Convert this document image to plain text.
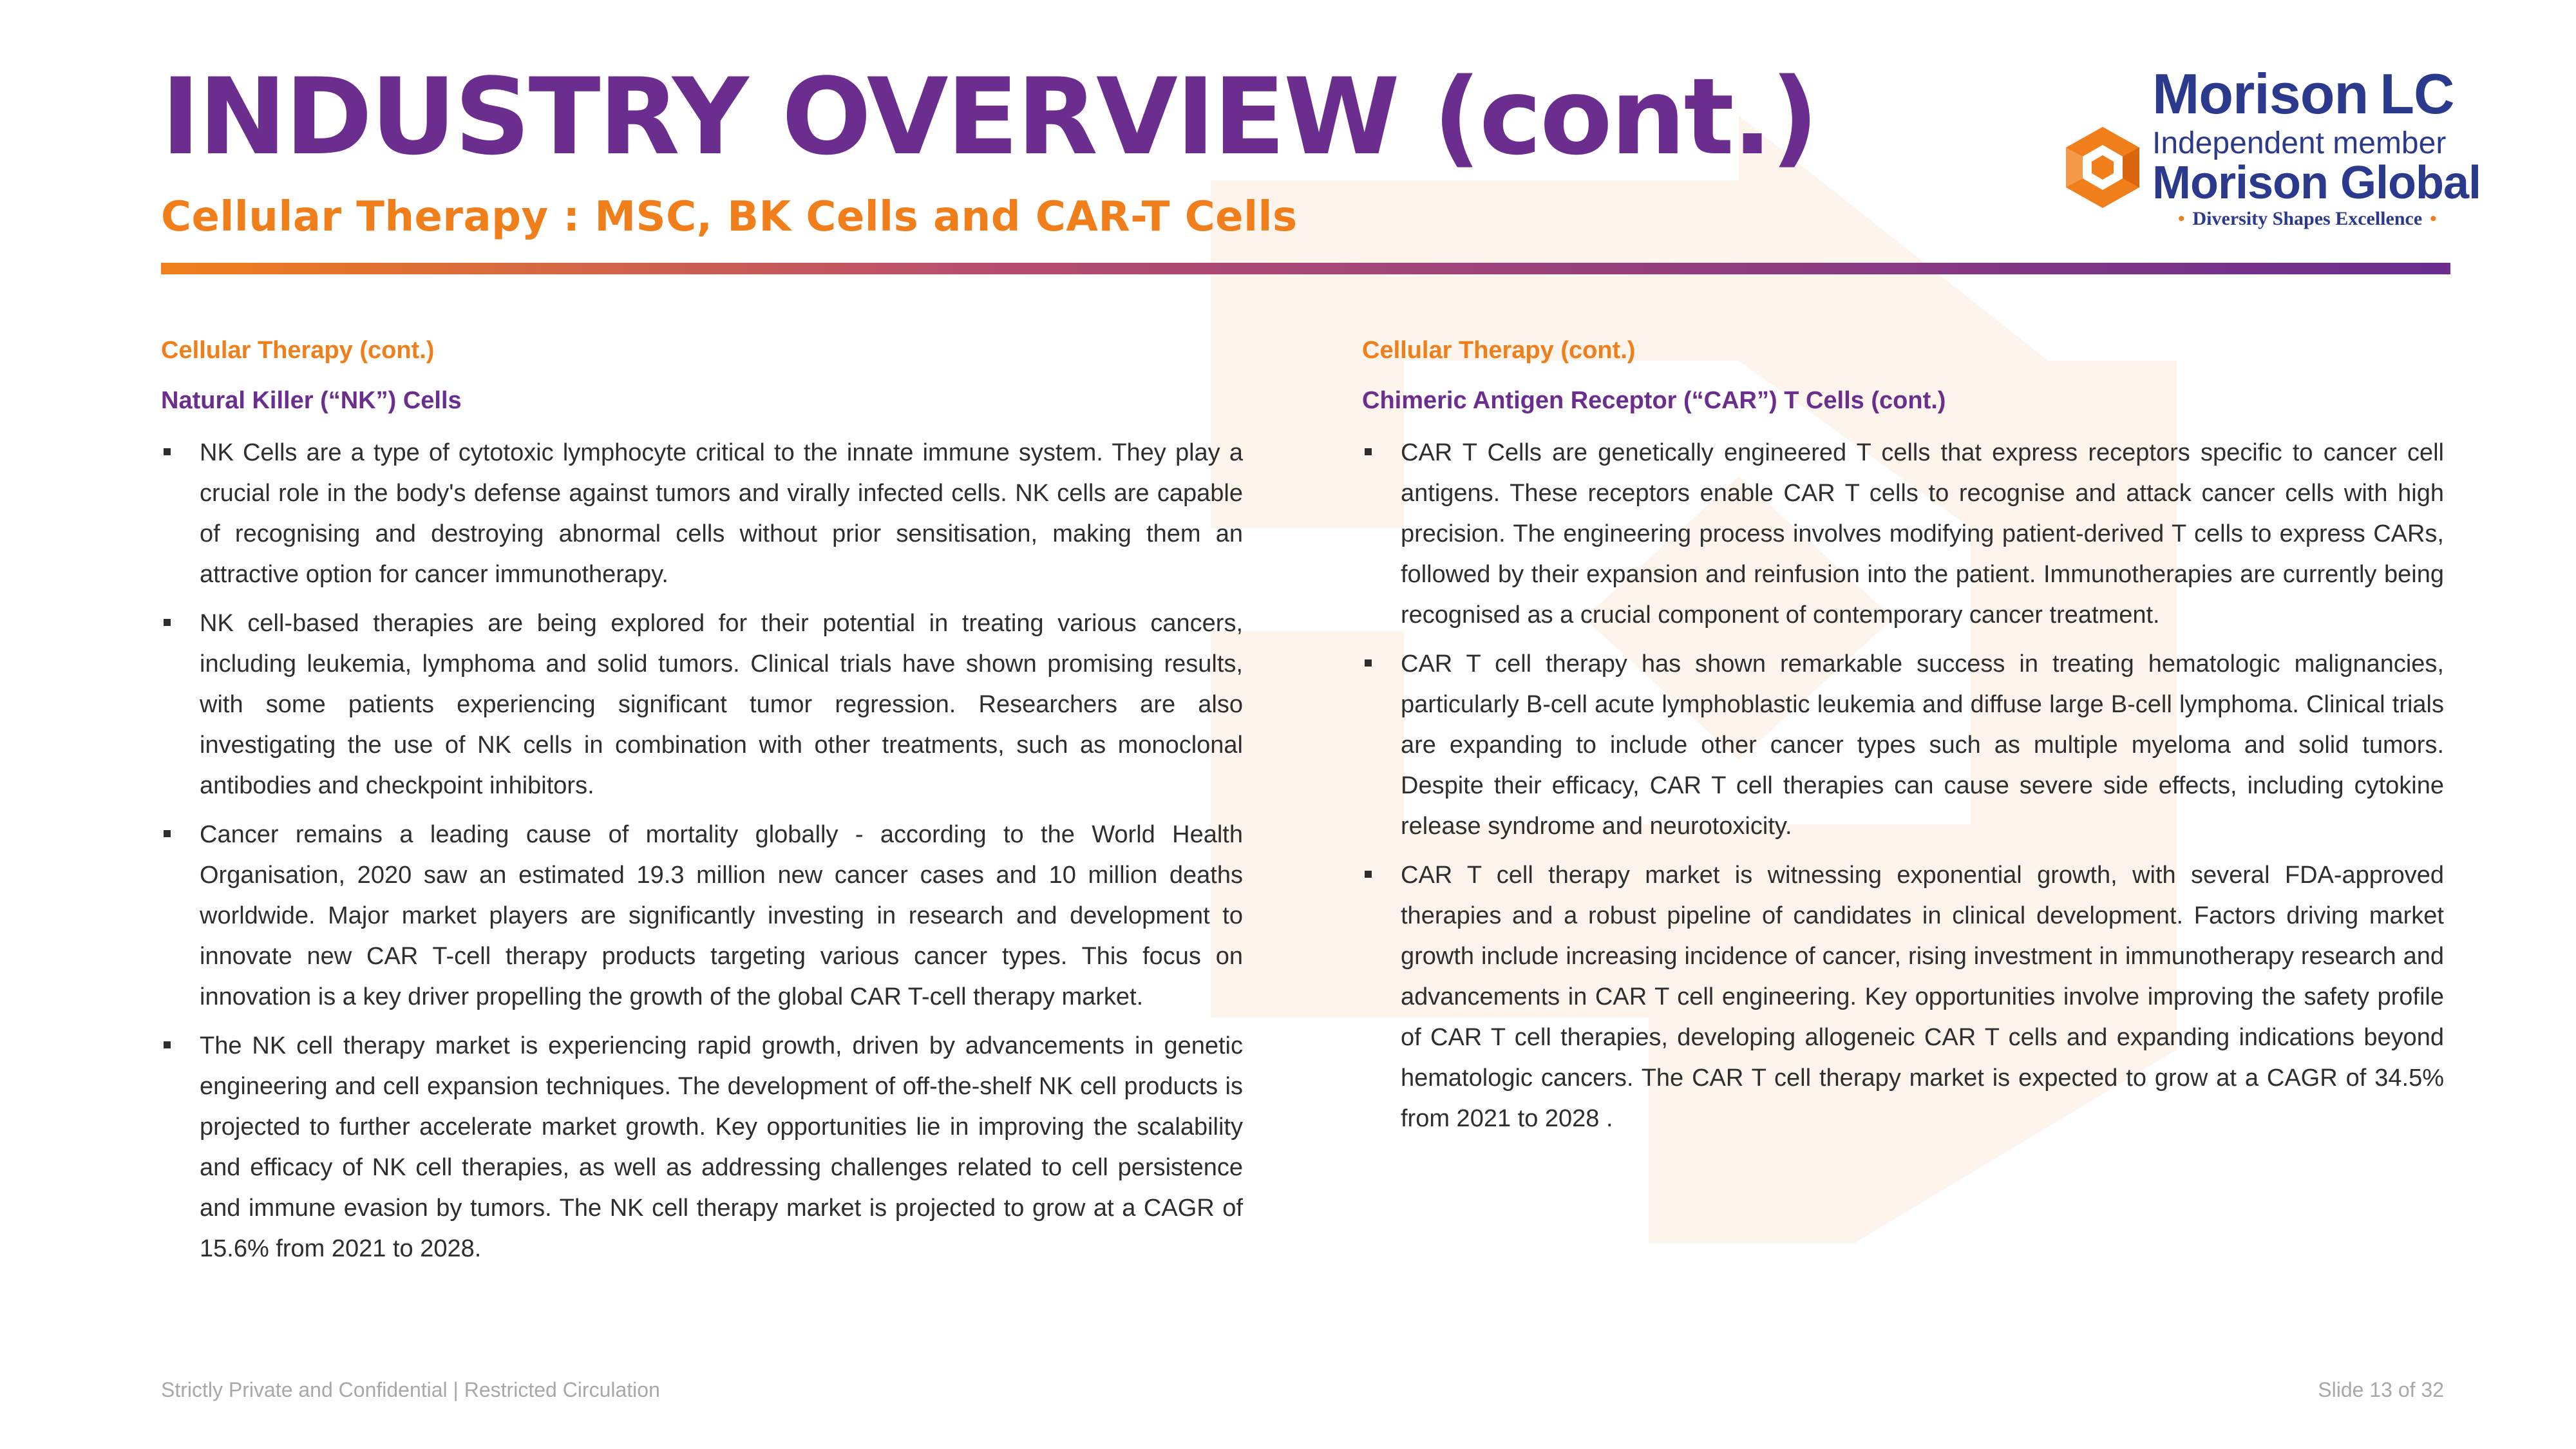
INDUSTRY OVERVIEW (cont.)
Cellular Therapy : MSC, BK Cells and CAR-T Cells
Morison LC
Independent member
Morison Global
• Diversity Shapes Excellence •
Cellular Therapy (cont.)
Natural Killer (“NK”) Cells
NK Cells are a type of cytotoxic lymphocyte critical to the innate immune system. They play a crucial role in the body's defense against tumors and virally infected cells. NK cells are capable of recognising and destroying abnormal cells without prior sensitisation, making them an attractive option for cancer immunotherapy.
NK cell-based therapies are being explored for their potential in treating various cancers, including leukemia, lymphoma and solid tumors. Clinical trials have shown promising results, with some patients experiencing significant tumor regression. Researchers are also investigating the use of NK cells in combination with other treatments, such as monoclonal antibodies and checkpoint inhibitors.
Cancer remains a leading cause of mortality globally - according to the World Health Organisation, 2020 saw an estimated 19.3 million new cancer cases and 10 million deaths worldwide. Major market players are significantly investing in research and development to innovate new CAR T-cell therapy products targeting various cancer types. This focus on innovation is a key driver propelling the growth of the global CAR T-cell therapy market.
The NK cell therapy market is experiencing rapid growth, driven by advancements in genetic engineering and cell expansion techniques. The development of off-the-shelf NK cell products is projected to further accelerate market growth. Key opportunities lie in improving the scalability and efficacy of NK cell therapies, as well as addressing challenges related to cell persistence and immune evasion by tumors. The NK cell therapy market is projected to grow at a CAGR of 15.6% from 2021 to 2028.
Cellular Therapy (cont.)
Chimeric Antigen Receptor (“CAR”) T Cells (cont.)
CAR T Cells are genetically engineered T cells that express receptors specific to cancer cell antigens. These receptors enable CAR T cells to recognise and attack cancer cells with high precision. The engineering process involves modifying patient-derived T cells to express CARs, followed by their expansion and reinfusion into the patient. Immunotherapies are currently being recognised as a crucial component of contemporary cancer treatment.
CAR T cell therapy has shown remarkable success in treating hematologic malignancies, particularly B-cell acute lymphoblastic leukemia and diffuse large B-cell lymphoma. Clinical trials are expanding to include other cancer types such as multiple myeloma and solid tumors. Despite their efficacy, CAR T cell therapies can cause severe side effects, including cytokine release syndrome and neurotoxicity.
CAR T cell therapy market is witnessing exponential growth, with several FDA-approved therapies and a robust pipeline of candidates in clinical development. Factors driving market growth include increasing incidence of cancer, rising investment in immunotherapy research and advancements in CAR T cell engineering. Key opportunities involve improving the safety profile of CAR T cell therapies, developing allogeneic CAR T cells and expanding indications beyond hematologic cancers. The CAR T cell therapy market is expected to grow at a CAGR of 34.5% from 2021 to 2028 .
Strictly Private and Confidential | Restricted Circulation	Slide 13 of 32
